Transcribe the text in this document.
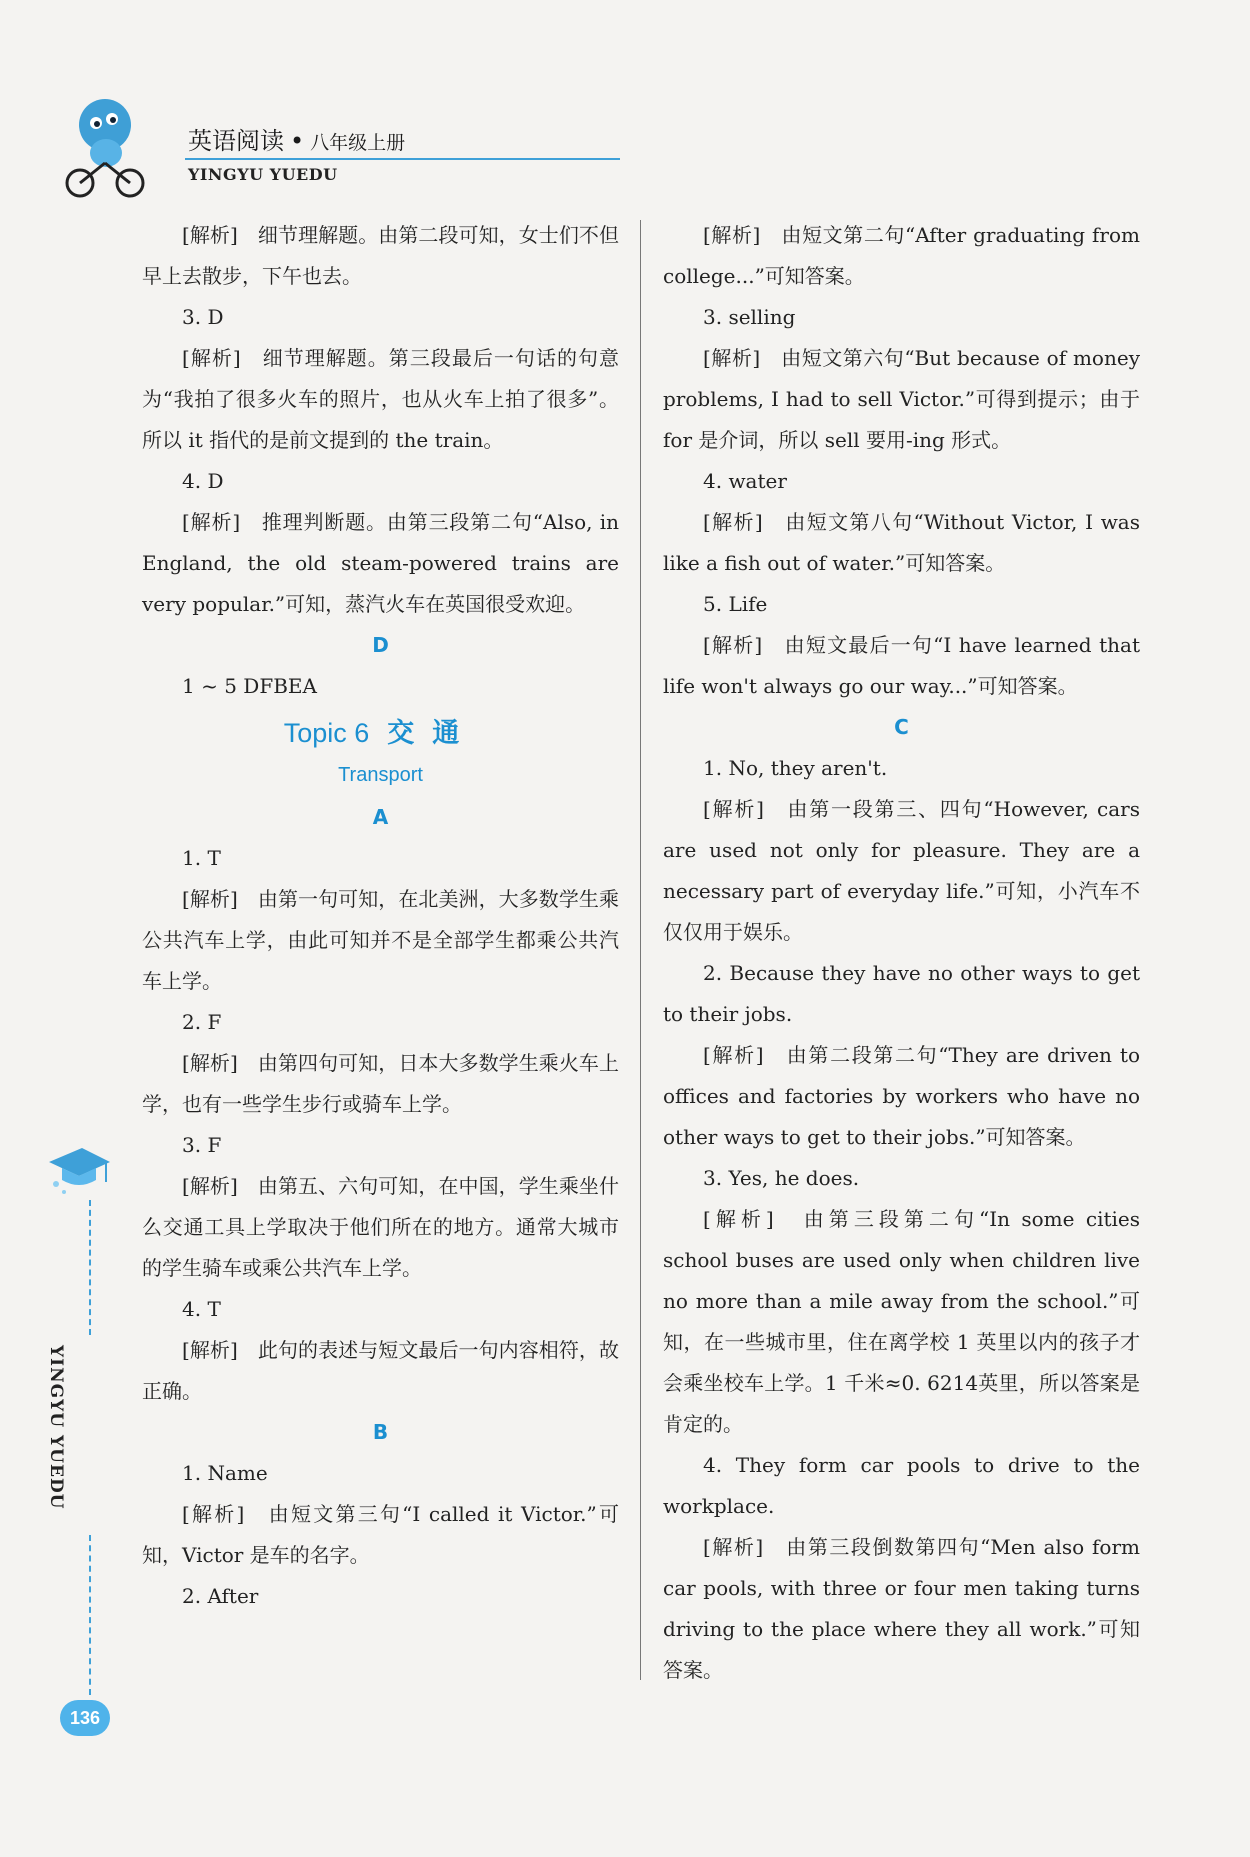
英语阅读 • 八年级上册
YINGYU YUEDU
[解析]　细节理解题。由第二段可知，女士们不但早上去散步，下午也去。
3. D
[解析]　细节理解题。第三段最后一句话的句意为“我拍了很多火车的照片，也从火车上拍了很多”。所以 it 指代的是前文提到的 the train。
4. D
[解析]　推理判断题。由第三段第二句“Also, in England, the old steam-powered trains are very popular.”可知，蒸汽火车在英国很受欢迎。
D
1 ~ 5 DFBEA
Topic 6 交通
Transport
A
1. T
[解析]　由第一句可知，在北美洲，大多数学生乘公共汽车上学，由此可知并不是全部学生都乘公共汽车上学。
2. F
[解析]　由第四句可知，日本大多数学生乘火车上学，也有一些学生步行或骑车上学。
3. F
[解析]　由第五、六句可知，在中国，学生乘坐什么交通工具上学取决于他们所在的地方。通常大城市的学生骑车或乘公共汽车上学。
4. T
[解析]　此句的表述与短文最后一句内容相符，故正确。
B
1. Name
[解析]　由短文第三句“I called it Victor.”可知，Victor 是车的名字。
2. After
[解析]　由短文第二句“After graduating from college...”可知答案。
3. selling
[解析]　由短文第六句“But because of money problems, I had to sell Victor.”可得到提示；由于 for 是介词，所以 sell 要用-ing 形式。
4. water
[解析]　由短文第八句“Without Victor, I was like a fish out of water.”可知答案。
5. Life
[解析]　由短文最后一句“I have learned that life won't always go our way...”可知答案。
C
1. No, they aren't.
[解析]　由第一段第三、四句“However, cars are used not only for pleasure. They are a necessary part of everyday life.”可知，小汽车不仅仅用于娱乐。
2. Because they have no other ways to get to their jobs.
[解析]　由第二段第二句“They are driven to offices and factories by workers who have no other ways to get to their jobs.”可知答案。
3. Yes, he does.
[解析]　由第三段第二句“In some cities school buses are used only when children live no more than a mile away from the school.”可知，在一些城市里，住在离学校 1 英里以内的孩子才会乘坐校车上学。1 千米≈0. 6214英里，所以答案是肯定的。
4. They form car pools to drive to the workplace.
[解析]　由第三段倒数第四句“Men also form car pools, with three or four men taking turns driving to the place where they all work.”可知答案。
YINGYU YUEDU
136
